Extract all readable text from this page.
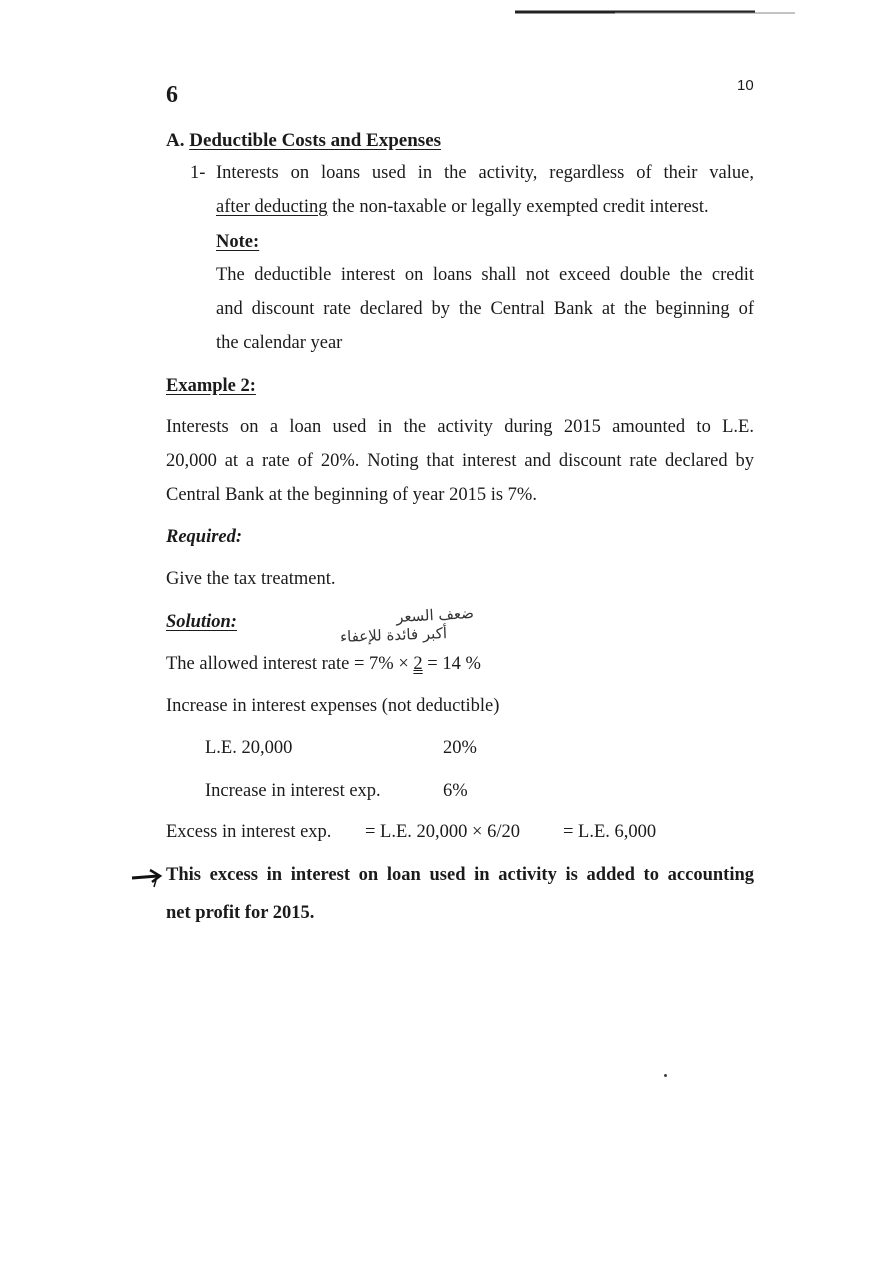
6	10
A. Deductible Costs and Expenses
1- Interests on loans used in the activity, regardless of their value,
after deducting the non-taxable or legally exempted credit interest.
Note:
The deductible interest on loans shall not exceed double the credit
and discount rate declared by the Central Bank at the beginning of
the calendar year
Example 2:
Interests on a loan used in the activity during 2015 amounted to L.E.
20,000 at a rate of 20%. Noting that interest and discount rate declared by
Central Bank at the beginning of year 2015 is 7%.
Required:
Give the tax treatment.
Solution:	ضعف السعر
أكبر فائدة للإعفاء
The allowed interest rate = 7% × 2 = 14 %
Increase in interest expenses (not deductible)
L.E. 20,000	20%
Increase in interest exp.	6%
Excess in interest exp. = L.E. 20,000 × 6/20 = L.E. 6,000
This excess in interest on loan used in activity is added to accounting
net profit for 2015.
